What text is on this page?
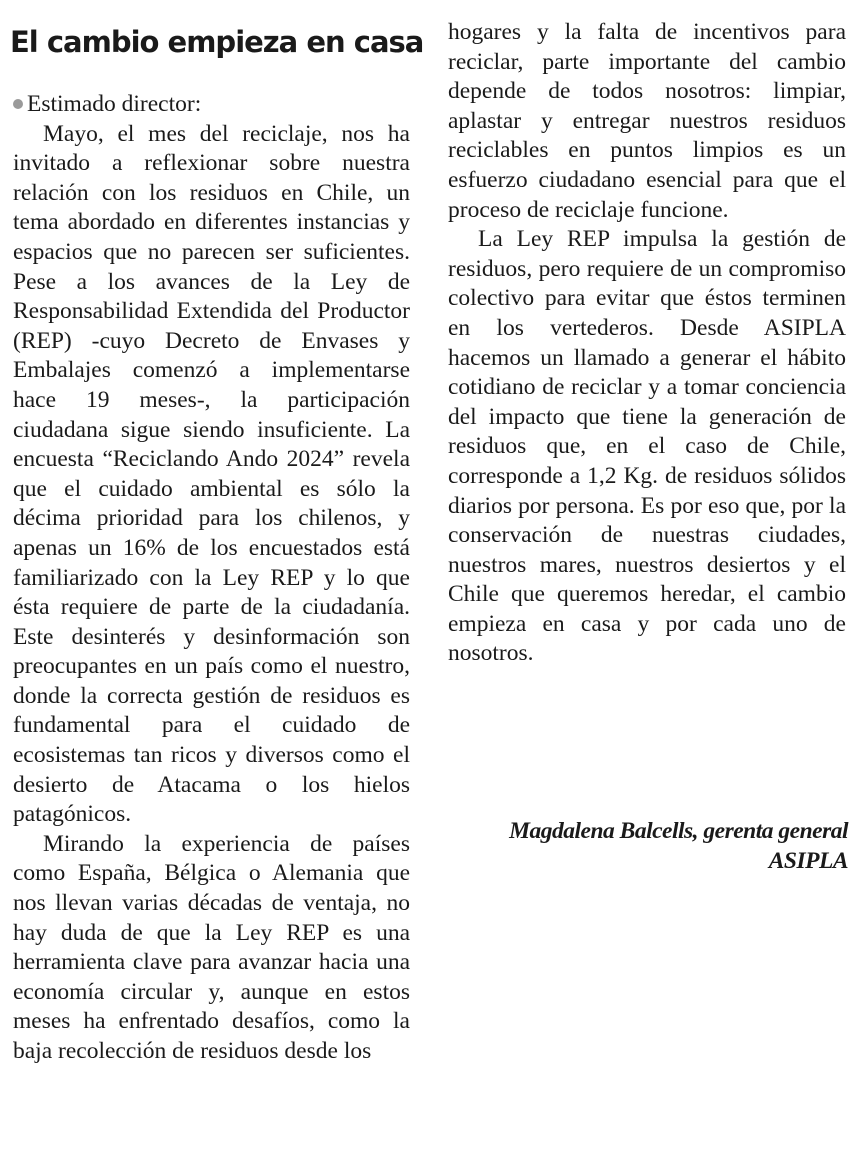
El cambio empieza en casa

Estimado director:

Mayo, el mes del reciclaje, nos ha invitado a reflexionar sobre nuestra relación con los residuos en Chile, un tema abordado en diferentes instancias y espacios que no parecen ser suficientes. Pese a los avances de la Ley de Responsabilidad Extendida del Productor (REP) -cuyo Decreto de Envases y Embalajes comenzó a implementarse hace 19 meses-, la participación ciudadana sigue siendo insuficiente. La encuesta “Reciclando Ando 2024” revela que el cuidado ambiental es sólo la décima prioridad para los chilenos, y apenas un 16% de los encuestados está familiarizado con la Ley REP y lo que ésta requiere de parte de la ciudadanía. Este desinterés y desinformación son preocupantes en un país como el nuestro, donde la correcta gestión de residuos es fundamental para el cuidado de ecosistemas tan ricos y diversos como el desierto de Atacama o los hielos patagónicos.

Mirando la experiencia de países como España, Bélgica o Alemania que nos llevan varias décadas de ventaja, no hay duda de que la Ley REP es una herramienta clave para avanzar hacia una economía circular y, aunque en estos meses ha enfrentado desafíos, como la baja recolección de residuos desde los

hogares y la falta de incentivos para reciclar, parte importante del cambio depende de todos nosotros: limpiar, aplastar y entregar nuestros residuos reciclables en puntos limpios es un esfuerzo ciudadano esencial para que el proceso de reciclaje funcione.

La Ley REP impulsa la gestión de residuos, pero requiere de un compromiso colectivo para evitar que éstos terminen en los vertederos. Desde ASIPLA hacemos un llamado a generar el hábito cotidiano de reciclar y a tomar conciencia del impacto que tiene la generación de residuos que, en el caso de Chile, corresponde a 1,2 Kg. de residuos sólidos diarios por persona. Es por eso que, por la conservación de nuestras ciudades, nuestros mares, nuestros desiertos y el Chile que queremos heredar, el cambio empieza en casa y por cada uno de nosotros.

Magdalena Balcells, gerenta general
ASIPLA
